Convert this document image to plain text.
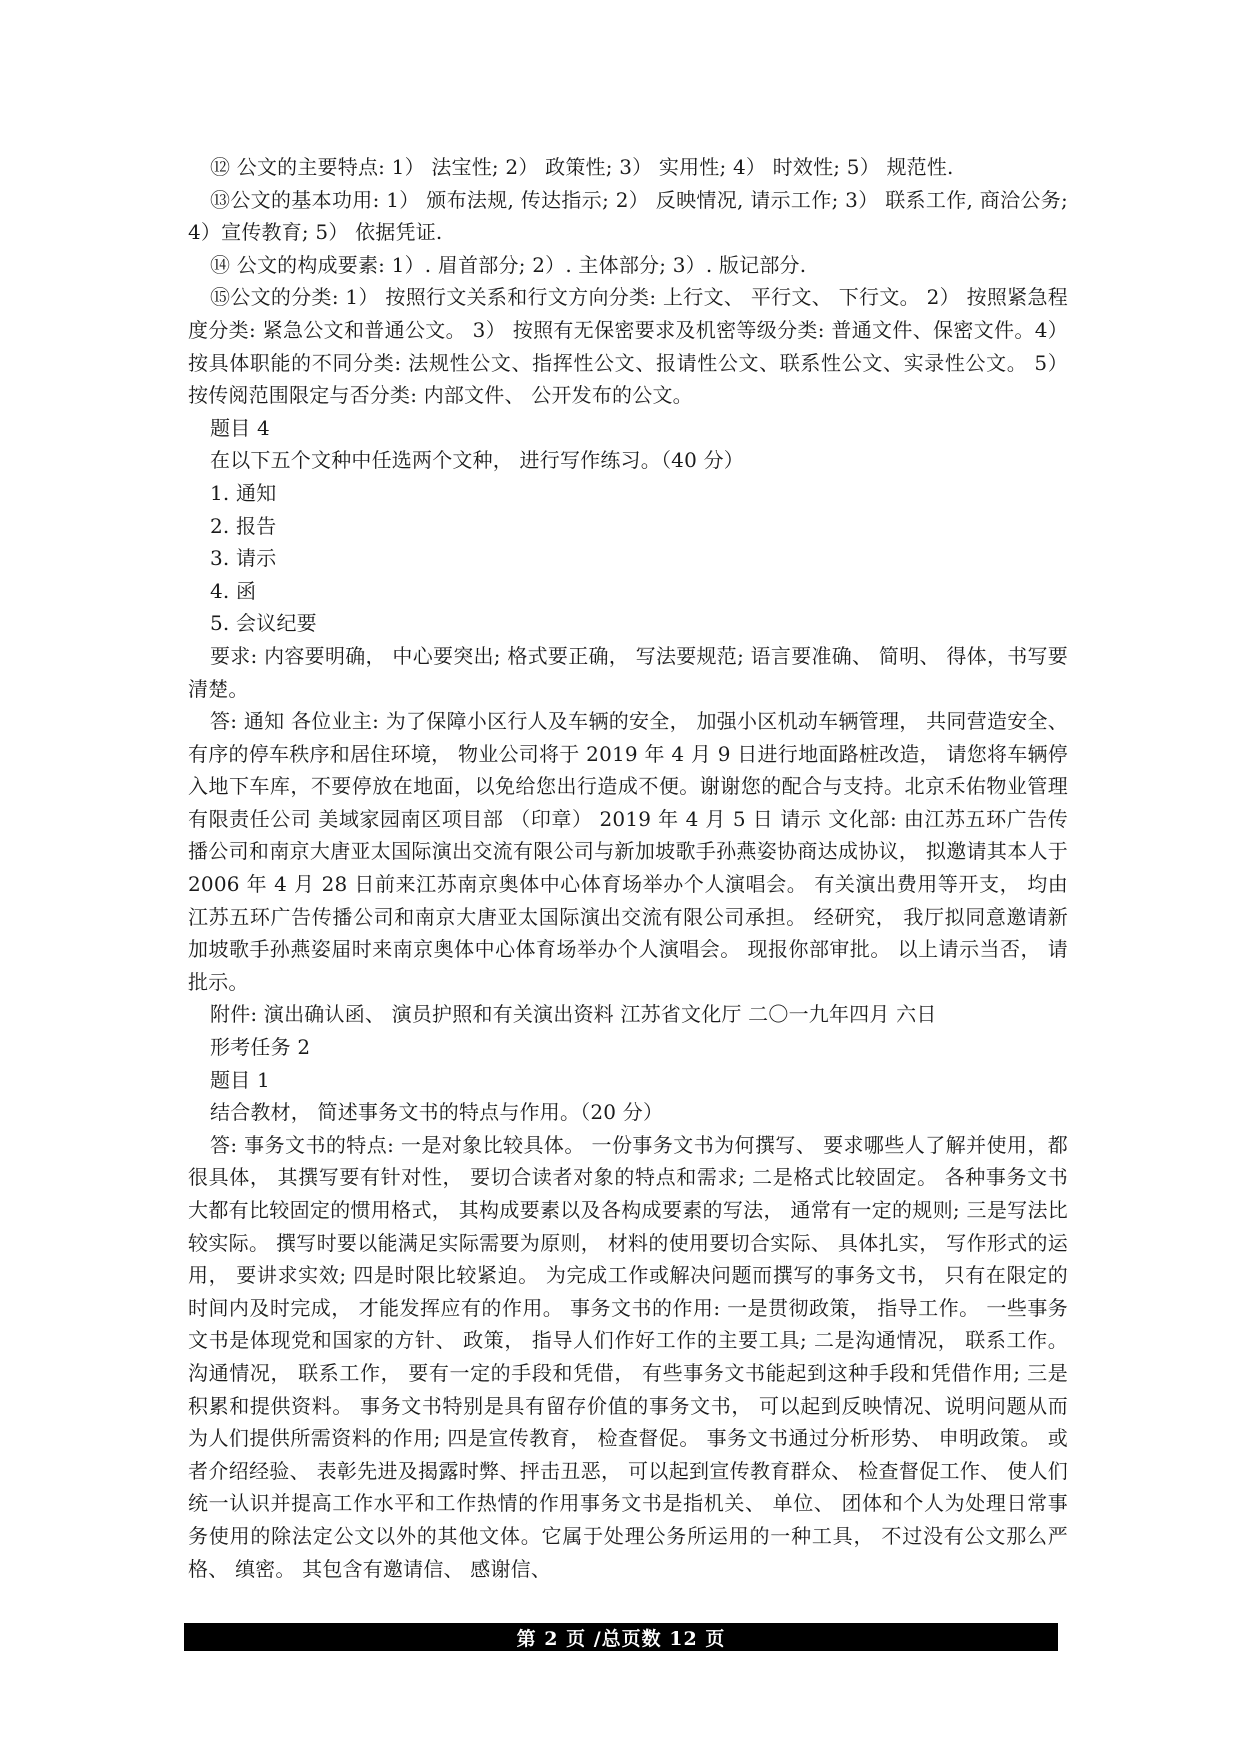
⑫ 公文的主要特点: 1） 法宝性; 2） 政策性; 3） 实用性; 4） 时效性; 5） 规范性.

⑬公文的基本功用: 1） 颁布法规, 传达指示; 2） 反映情况, 请示工作; 3） 联系工作, 商洽公务; 4）宣传教育; 5） 依据凭证.

⑭ 公文的构成要素: 1）. 眉首部分; 2）. 主体部分; 3）. 版记部分.

⑮公文的分类: 1） 按照行文关系和行文方向分类: 上行文、 平行文、 下行文。 2） 按照紧急程度分类: 紧急公文和普通公文。 3） 按照有无保密要求及机密等级分类: 普通文件、保密文件。4）按具体职能的不同分类: 法规性公文、指挥性公文、报请性公文、联系性公文、实录性公文。 5） 按传阅范围限定与否分类: 内部文件、 公开发布的公文。

题目 4

在以下五个文种中任选两个文种， 进行写作练习。（40 分）

1. 通知

2. 报告

3. 请示

4. 函

5. 会议纪要

要求: 内容要明确， 中心要突出; 格式要正确， 写法要规范; 语言要准确、 简明、 得体，书写要清楚。

答: 通知 各位业主: 为了保障小区行人及车辆的安全， 加强小区机动车辆管理， 共同营造安全、有序的停车秩序和居住环境， 物业公司将于 2019 年 4 月 9 日进行地面路桩改造， 请您将车辆停入地下车库，不要停放在地面，以免给您出行造成不便。谢谢您的配合与支持。北京禾佑物业管理有限责任公司 美域家园南区项目部 （印章） 2019 年 4 月 5 日 请示 文化部: 由江苏五环广告传播公司和南京大唐亚太国际演出交流有限公司与新加坡歌手孙燕姿协商达成协议， 拟邀请其本人于 2006 年 4 月 28 日前来江苏南京奥体中心体育场举办个人演唱会。 有关演出费用等开支， 均由江苏五环广告传播公司和南京大唐亚太国际演出交流有限公司承担。 经研究， 我厅拟同意邀请新加坡歌手孙燕姿届时来南京奥体中心体育场举办个人演唱会。 现报你部审批。 以上请示当否， 请批示。

附件: 演出确认函、 演员护照和有关演出资料 江苏省文化厅 二〇一九年四月 六日

形考任务 2

题目 1

结合教材， 简述事务文书的特点与作用。（20 分）

答: 事务文书的特点: 一是对象比较具体。 一份事务文书为何撰写、 要求哪些人了解并使用，都很具体， 其撰写要有针对性， 要切合读者对象的特点和需求; 二是格式比较固定。 各种事务文书大都有比较固定的惯用格式， 其构成要素以及各构成要素的写法， 通常有一定的规则; 三是写法比较实际。 撰写时要以能满足实际需要为原则， 材料的使用要切合实际、 具体扎实， 写作形式的运用， 要讲求实效; 四是时限比较紧迫。 为完成工作或解决问题而撰写的事务文书， 只有在限定的时间内及时完成， 才能发挥应有的作用。 事务文书的作用: 一是贯彻政策， 指导工作。 一些事务文书是体现党和国家的方针、 政策， 指导人们作好工作的主要工具; 二是沟通情况， 联系工作。 沟通情况， 联系工作， 要有一定的手段和凭借， 有些事务文书能起到这种手段和凭借作用; 三是积累和提供资料。 事务文书特别是具有留存价值的事务文书， 可以起到反映情况、说明问题从而为人们提供所需资料的作用; 四是宣传教育， 检查督促。 事务文书通过分析形势、 申明政策。 或者介绍经验、 表彰先进及揭露时弊、抨击丑恶， 可以起到宣传教育群众、 检查督促工作、 使人们统一认识并提高工作水平和工作热情的作用事务文书是指机关、 单位、 团体和个人为处理日常事务使用的除法定公文以外的其他文体。它属于处理公务所运用的一种工具， 不过没有公文那么严格、 缜密。 其包含有邀请信、 感谢信、

第 2 页 /总页数 12 页
